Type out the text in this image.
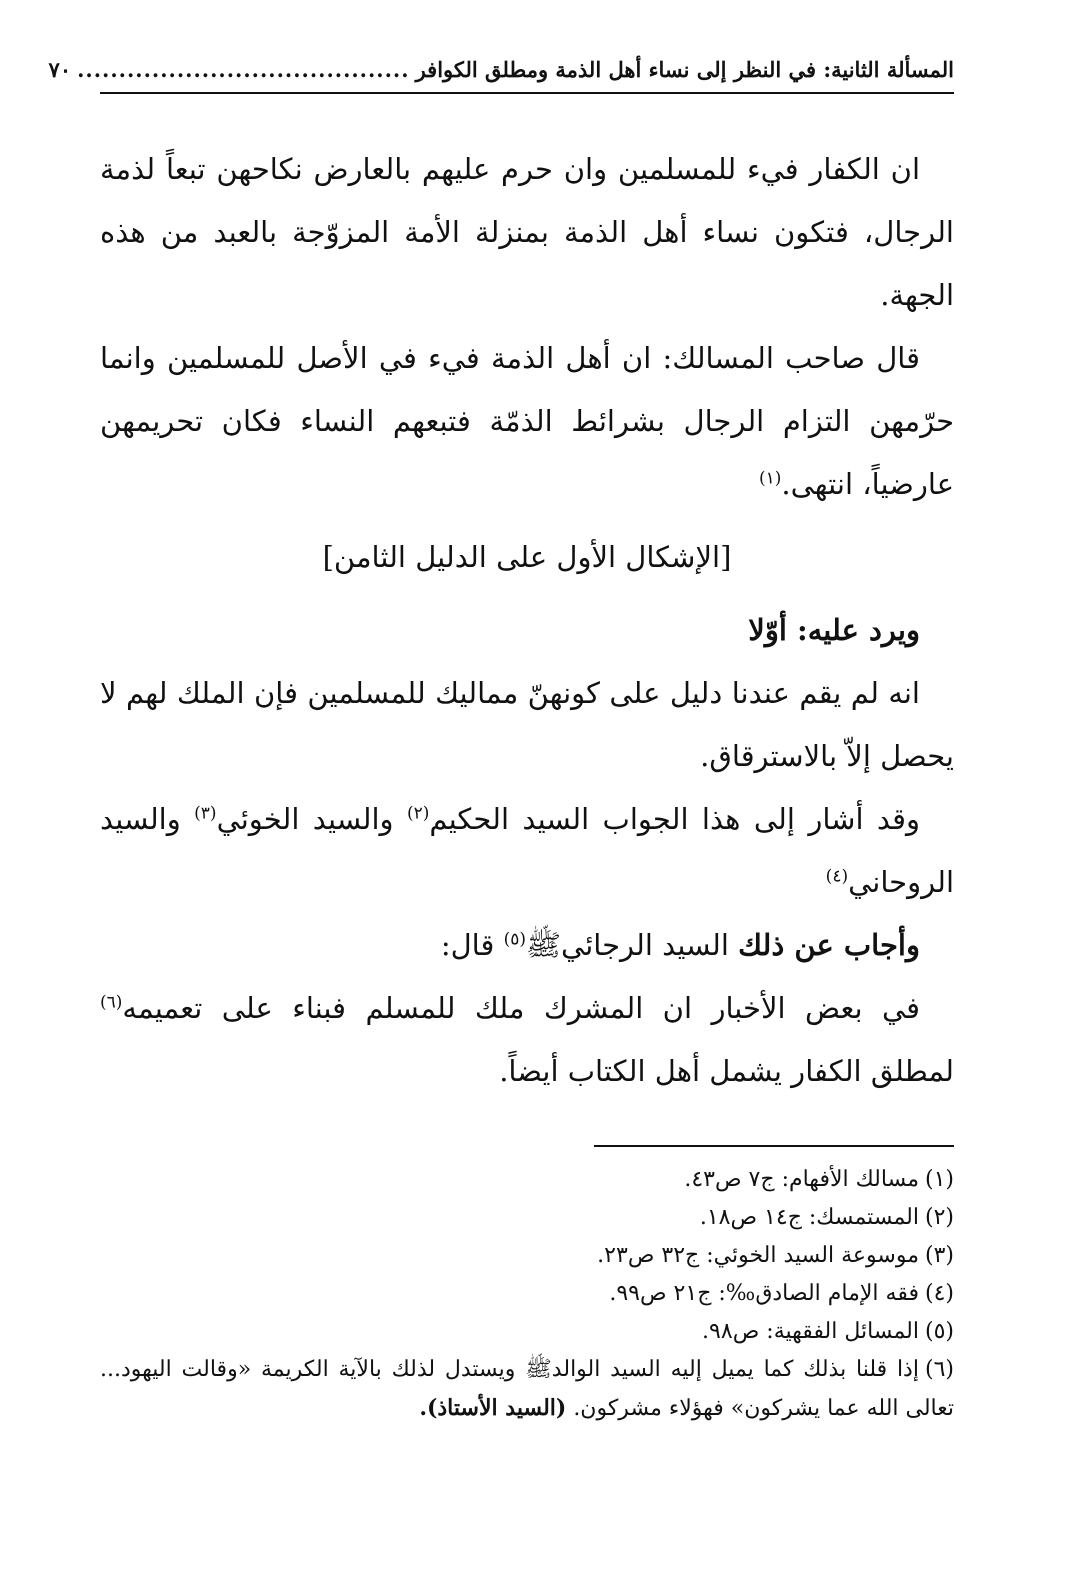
المسألة الثانية: في النظر إلى نساء أهل الذمة ومطلق الكوافر
........................................
٧٠

ان الكفار فيء للمسلمين وان حرم عليهم بالعارض نكاحهن تبعاً لذمة الرجال، فتكون نساء أهل الذمة بمنزلة الأمة المزوّجة بالعبد من هذه الجهة.

قال صاحب المسالك: ان أهل الذمة فيء في الأصل للمسلمين وانما حرّمهن التزام الرجال بشرائط الذمّة فتبعهم النساء فكان تحريمهن عارضياً، انتهى.$^{(١)}$

[الإشكال الأول على الدليل الثامن]

ويرد عليه: أوّلا

انه لم يقم عندنا دليل على كونهنّ مماليك للمسلمين فإن الملك لهم لا يحصل إلاّ بالاسترقاق.

وقد أشار إلى هذا الجواب السيد الحكيم$^{(٢)}$ والسيد الخوئي$^{(٣)}$ والسيد الروحاني$^{(٤)}$

وأجاب عن ذلك السيد الرجائيﷺ$^{(٥)}$ قال:

في بعض الأخبار ان المشرك ملك للمسلم فبناء على تعميمه$^{(٦)}$ لمطلق الكفار يشمل أهل الكتاب أيضاً.

(١)مسالك الأفهام: ج٧ ص٤٣.

(٢)المستمسك: ج١٤ ص١٨.

(٣)موسوعة السيد الخوئي: ج٣٢ ص٢٣.

(٤)فقه الإمام الصادق‰: ج٢١ ص٩٩.

(٥)المسائل الفقهية: ص٩٨.

(٦)إذا قلنا بذلك كما يميل إليه السيد الوالدﷺ ويستدل لذلك بالآية الكريمة «وقالت اليهود... تعالى الله عما يشركون» فهؤلاء مشركون. (السيد الأستاذ).
